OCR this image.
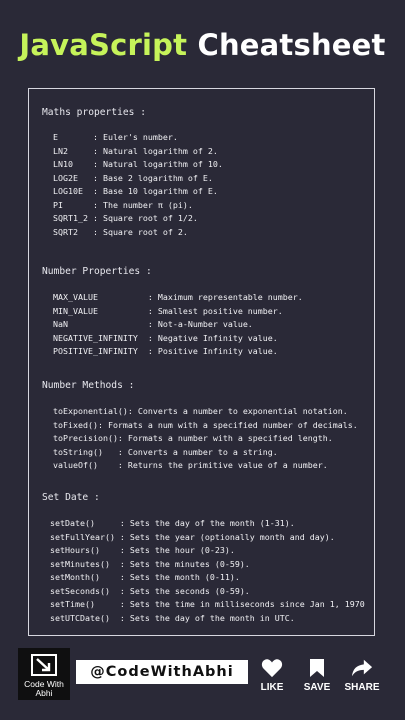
JavaScript Cheatsheet
Maths properties :
E       : Euler's number.
LN2     : Natural logarithm of 2.
LN10    : Natural logarithm of 10.
LOG2E   : Base 2 logarithm of E.
LOG10E  : Base 10 logarithm of E.
PI      : The number π (pi).
SQRT1_2 : Square root of 1/2.
SQRT2   : Square root of 2.
Number Properties :
MAX_VALUE          : Maximum representable number.
MIN_VALUE          : Smallest positive number.
NaN                : Not-a-Number value.
NEGATIVE_INFINITY  : Negative Infinity value.
POSITIVE_INFINITY  : Positive Infinity value.
Number Methods :
toExponential(): Converts a number to exponential notation.
toFixed(): Formats a num with a specified number of decimals.
toPrecision(): Formats a number with a specified length.
toString()   : Converts a number to a string.
valueOf()    : Returns the primitive value of a number.
Set Date :
setDate()     : Sets the day of the month (1-31).
setFullYear() : Sets the year (optionally month and day).
setHours()    : Sets the hour (0-23).
setMinutes()  : Sets the minutes (0-59).
setMonth()    : Sets the month (0-11).
setSeconds()  : Sets the seconds (0-59).
setTime()     : Sets the time in milliseconds since Jan 1, 1970
setUTCDate()  : Sets the day of the month in UTC.
Code With
Abhi
@CodeWithAbhi
LIKE	SAVE	SHARE
